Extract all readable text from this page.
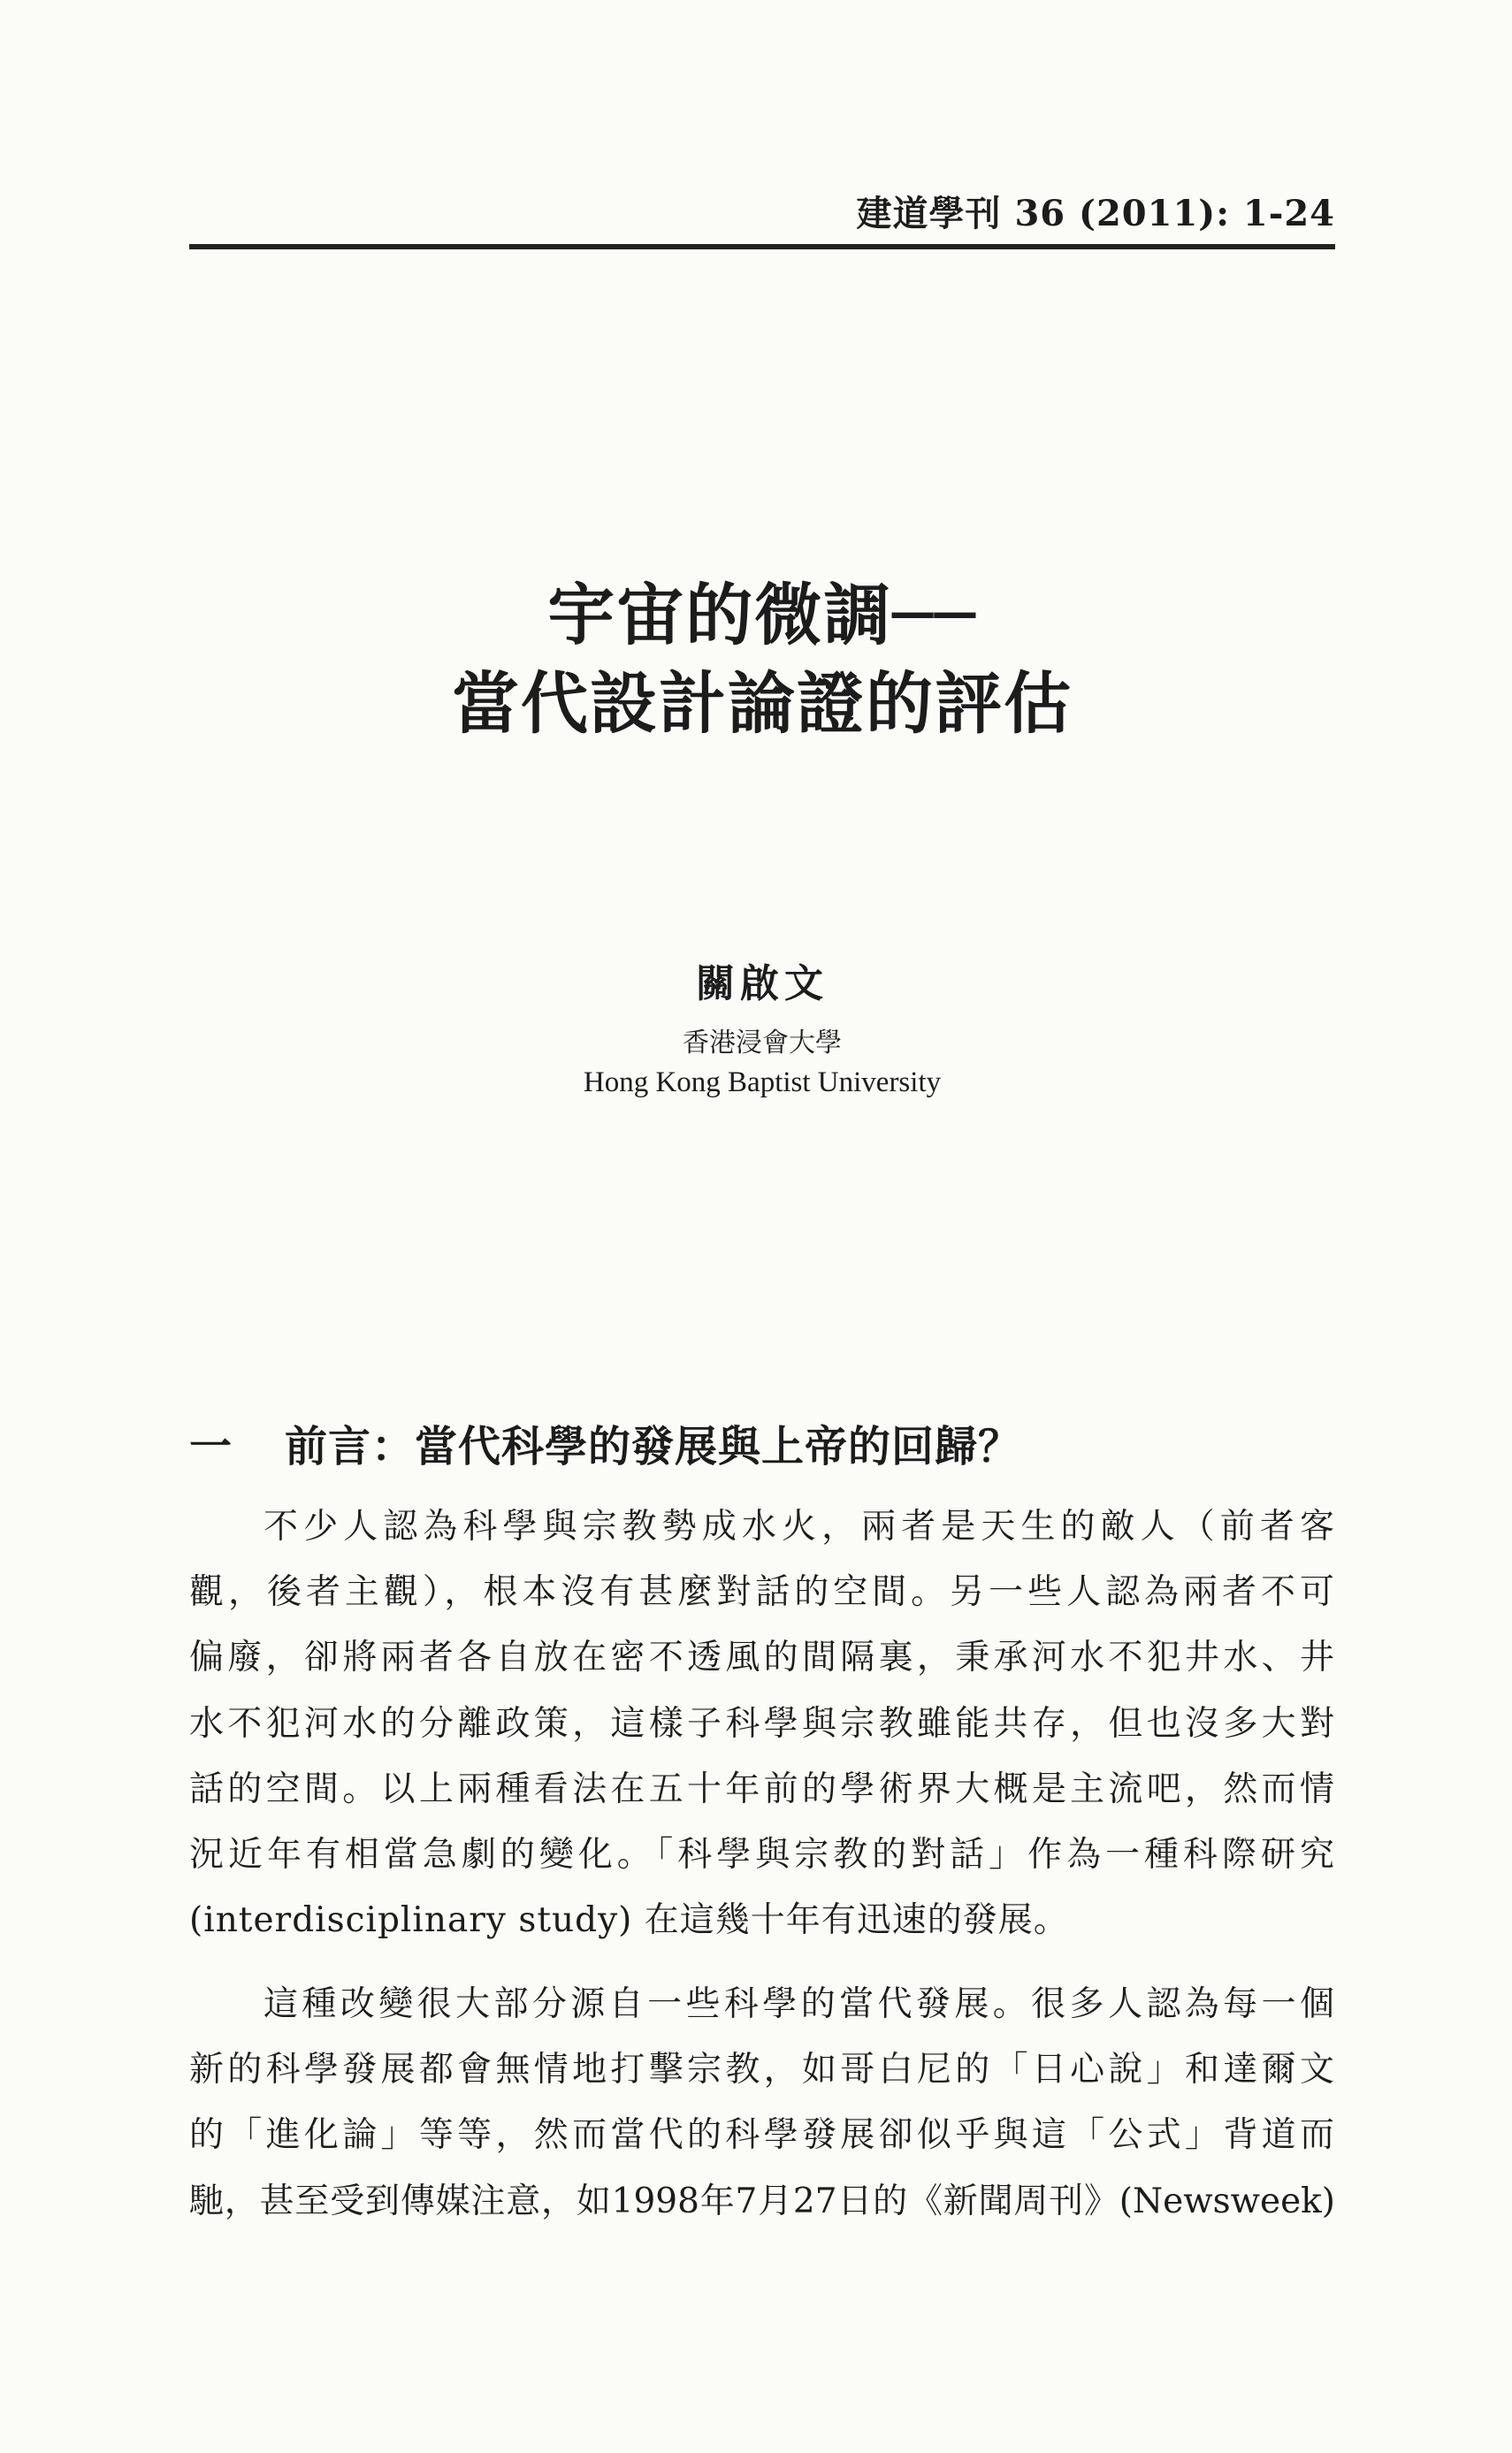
建道學刊 36 (2011): 1-24
宇宙的微調──
當代設計論證的評估
關啟文
香港浸會大學
Hong Kong Baptist University
一 前言：當代科學的發展與上帝的回歸？
不少人認為科學與宗教勢成水火，兩者是天生的敵人（前者客
觀，後者主觀），根本沒有甚麼對話的空間。另一些人認為兩者不可
偏廢，卻將兩者各自放在密不透風的間隔裏，秉承河水不犯井水、井
水不犯河水的分離政策，這樣子科學與宗教雖能共存，但也沒多大對
話的空間。以上兩種看法在五十年前的學術界大概是主流吧，然而情
況近年有相當急劇的變化。「科學與宗教的對話」作為一種科際研究
(interdisciplinary study) 在這幾十年有迅速的發展。
這種改變很大部分源自一些科學的當代發展。很多人認為每一個
新的科學發展都會無情地打擊宗教，如哥白尼的「日心說」和達爾文
的「進化論」等等，然而當代的科學發展卻似乎與這「公式」背道而
馳，甚至受到傳媒注意，如1998年7月27日的《新聞周刊》(Newsweek)
